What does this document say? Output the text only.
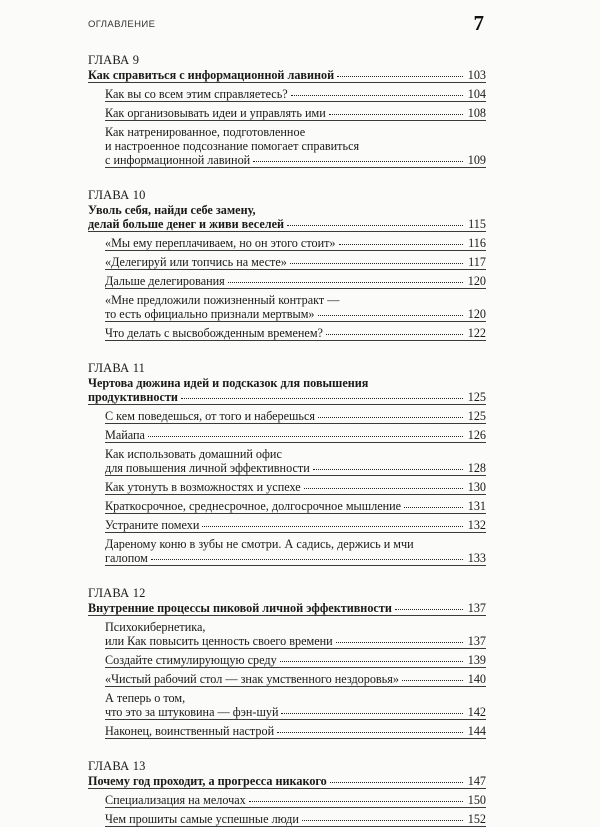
ОГЛАВЛЕНИЕ	7
ГЛАВА 9
Как справиться с информационной лавиной	103
Как вы со всем этим справляетесь?	104
Как организовывать идеи и управлять ими	108
Как натренированное, подготовленное
и настроенное подсознание помогает справиться
с информационной лавиной	109
ГЛАВА 10
Уволь себя, найди себе замену,
делай больше денег и живи веселей	115
«Мы ему переплачиваем, но он этого стоит»	116
«Делегируй или топчись на месте»	117
Дальше делегирования	120
«Мне предложили пожизненный контракт —
то есть официально признали мертвым»	120
Что делать с высвобожденным временем?	122
ГЛАВА 11
Чертова дюжина идей и подсказок для повышения
продуктивности	125
С кем поведешься, от того и наберешься	125
Майапа	126
Как использовать домашний офис
для повышения личной эффективности	128
Как утонуть в возможностях и успехе	130
Краткосрочное, среднесрочное, долгосрочное мышление	131
Устраните помехи	132
Дареному коню в зубы не смотри. А садись, держись и мчи
галопом	133
ГЛАВА 12
Внутренние процессы пиковой личной эффективности	137
Психокибернетика,
или Как повысить ценность своего времени	137
Создайте стимулирующую среду	139
«Чистый рабочий стол — знак умственного нездоровья»	140
А теперь о том,
что это за штуковина — фэн-шуй	142
Наконец, воинственный настрой	144
ГЛАВА 13
Почему год проходит, а прогресса никакого	147
Специализация на мелочах	150
Чем прошиты самые успешные люди	152
